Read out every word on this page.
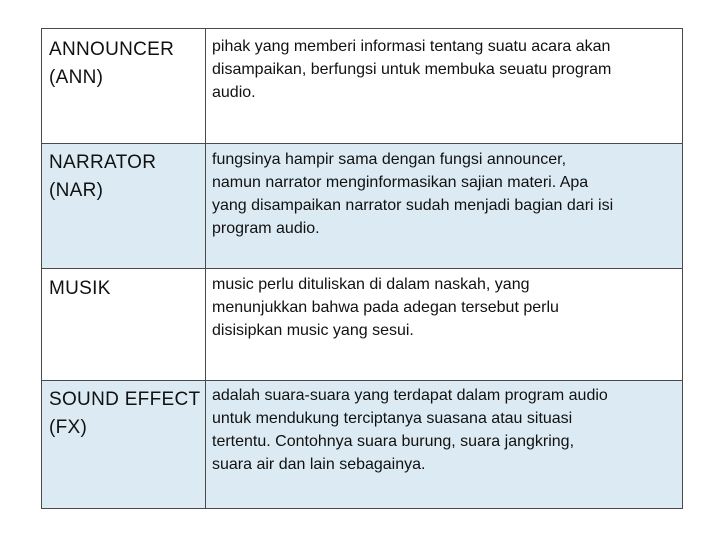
ANNOUNCER
(ANN)	pihak yang memberi informasi tentang suatu acara akan
disampaikan, berfungsi untuk membuka seuatu program
audio.
NARRATOR
(NAR)	fungsinya hampir sama dengan fungsi announcer,
namun narrator menginformasikan sajian materi. Apa
yang disampaikan narrator sudah menjadi bagian dari isi
program audio.
MUSIK	music perlu dituliskan di dalam naskah, yang
menunjukkan bahwa pada adegan tersebut perlu
disisipkan music yang sesui.
SOUND EFFECT
(FX)	adalah suara-suara yang terdapat dalam program audio
untuk mendukung terciptanya suasana atau situasi
tertentu. Contohnya suara burung, suara jangkring,
suara air dan lain sebagainya.
